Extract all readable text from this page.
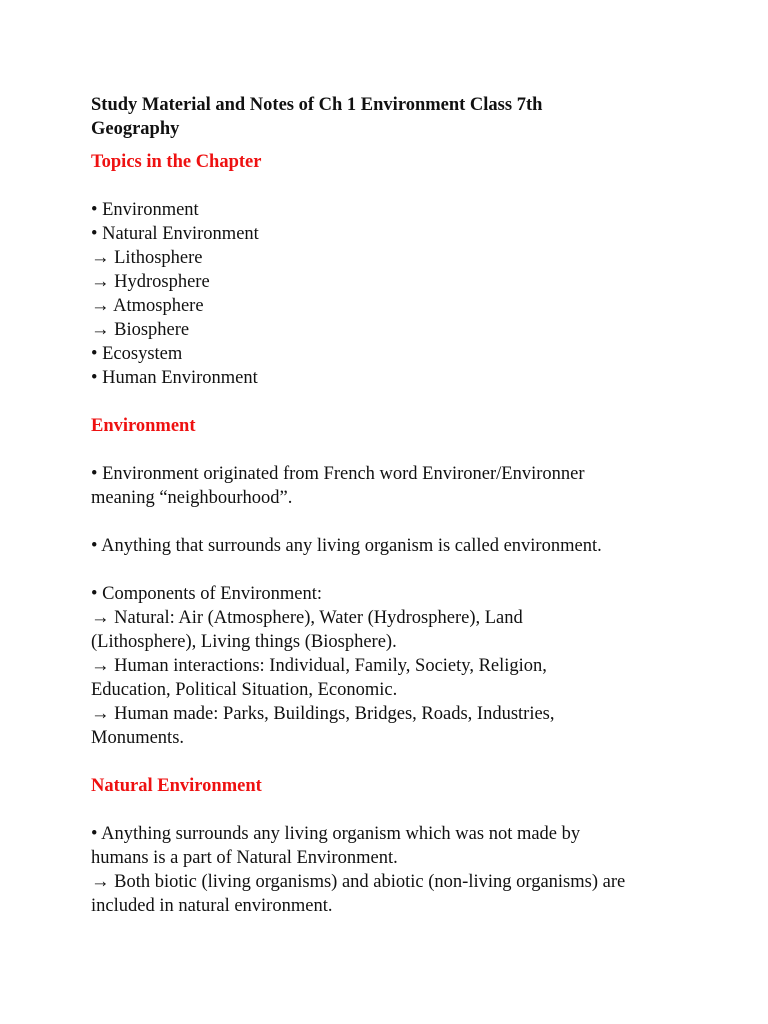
Study Material and Notes of Ch 1 Environment Class 7th

Geography

Topics in the Chapter

• Environment

• Natural Environment

→ Lithosphere

→ Hydrosphere

→ Atmosphere

→ Biosphere

• Ecosystem

• Human Environment

Environment

• Environment originated from French word Environer/Environner

meaning “neighbourhood”.

• Anything that surrounds any living organism is called environment.

• Components of Environment:

→ Natural: Air (Atmosphere), Water (Hydrosphere), Land

(Lithosphere), Living things (Biosphere).

→ Human interactions: Individual, Family, Society, Religion,

Education, Political Situation, Economic.

→ Human made: Parks, Buildings, Bridges, Roads, Industries,

Monuments.

Natural Environment

• Anything surrounds any living organism which was not made by

humans is a part of Natural Environment.

→ Both biotic (living organisms) and abiotic (non-living organisms) are

included in natural environment.
